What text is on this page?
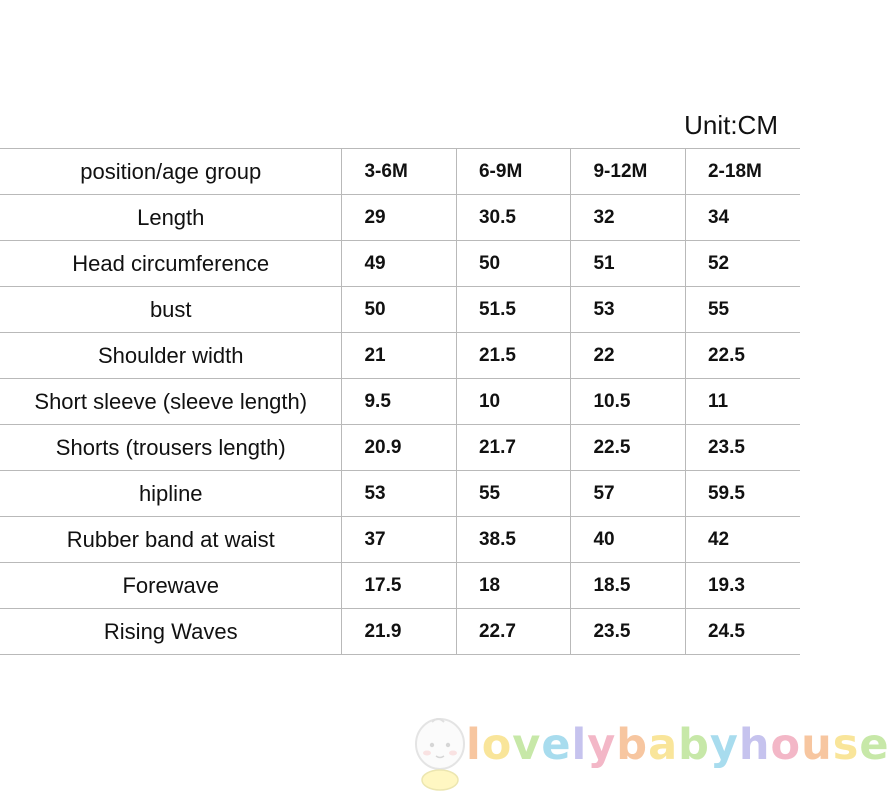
Unit:CM
position/age group	3-6M	6-9M	9-12M	2-18M
Length	29	30.5	32	34
Head circumference	49	50	51	52
bust	50	51.5	53	55
Shoulder width	21	21.5	22	22.5
Short sleeve (sleeve length)	9.5	10	10.5	11
Shorts (trousers length)	20.9	21.7	22.5	23.5
hipline	53	55	57	59.5
Rubber band at waist	37	38.5	40	42
Forewave	17.5	18	18.5	19.3
Rising Waves	21.9	22.7	23.5	24.5
lovelybabyhouse
